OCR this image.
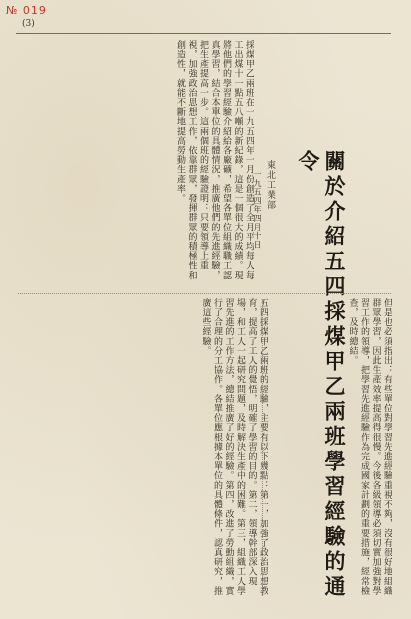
№ 019
(3)
採煤甲乙兩班在一九五四年一月份創造了全月平均每人每工出煤十一點五八噸的新紀錄，這是一個很大的成績。現將他們的學習經驗介紹給各廠礦，希望各單位組織職工認真學習，結合本單位的具體情況，推廣他們的先進經驗，把生產提高一步。這兩個班的經驗證明：只要領導上重視，加強政治思想工作，依靠群眾，發揮群眾的積極性和創造性，就能不斷地提高勞動生產率。
關於介紹五四採煤甲乙兩班學習經驗的通令
東北工業部
一九五四年四月十日
五四採煤甲乙兩班的經驗，主要有以下幾點：第一，加強了政治思想教育，提高了工人的覺悟，明確了學習的目的。第二，領導幹部深入現場，和工人一起研究問題，及時解決生產中的困難。第三，組織工人學習先進的工作方法，總結推廣了好的經驗。第四，改進了勞動組織，實行了合理的分工協作。各單位應根據本單位的具體條件，認真研究，推廣這些經驗。	但是也必須指出：有些單位對學習先進經驗重視不夠，沒有很好地組織群眾學習，因此生產效率提高得很慢。今後各級領導必須切實加強對學習工作的領導，把學習先進經驗作為完成國家計劃的重要措施，經常檢查，及時總結。
